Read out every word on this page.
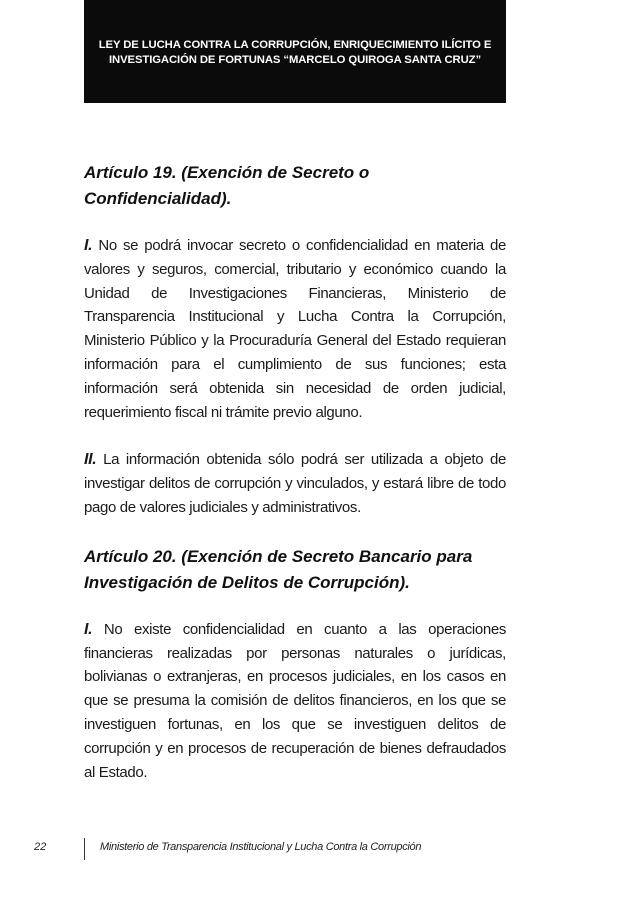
LEY DE LUCHA CONTRA LA CORRUPCIÓN, ENRIQUECIMIENTO ILÍCITO E
INVESTIGACIÓN DE FORTUNAS “MARCELO QUIROGA SANTA CRUZ”
Artículo 19. (Exención de Secreto o
Confidencialidad).

I. No se podrá invocar secreto o confidencialidad en materia de valores y seguros, comercial, tributario y económico cuando la Unidad de Investigaciones Financieras, Ministerio de Transparencia Institucional y Lucha Contra la Corrupción, Ministerio Público y la Procuraduría General del Estado requieran información para el cumplimiento de sus funciones; esta información será obtenida sin necesidad de orden judicial, requerimiento fiscal ni trámite previo alguno.

II. La información obtenida sólo podrá ser utilizada a objeto de investigar delitos de corrupción y vinculados, y estará libre de todo pago de valores judiciales y administrativos.

Artículo 20. (Exención de Secreto Bancario para
Investigación de Delitos de Corrupción).

I. No existe confidencialidad en cuanto a las operaciones financieras realizadas por personas naturales o jurídicas, bolivianas o extranjeras, en procesos judiciales, en los casos en que se presuma la comisión de delitos financieros, en los que se investiguen fortunas, en los que se investiguen delitos de corrupción y en procesos de recuperación de bienes defraudados al Estado.

22	Ministerio de Transparencia Institucional y Lucha Contra la Corrupción
